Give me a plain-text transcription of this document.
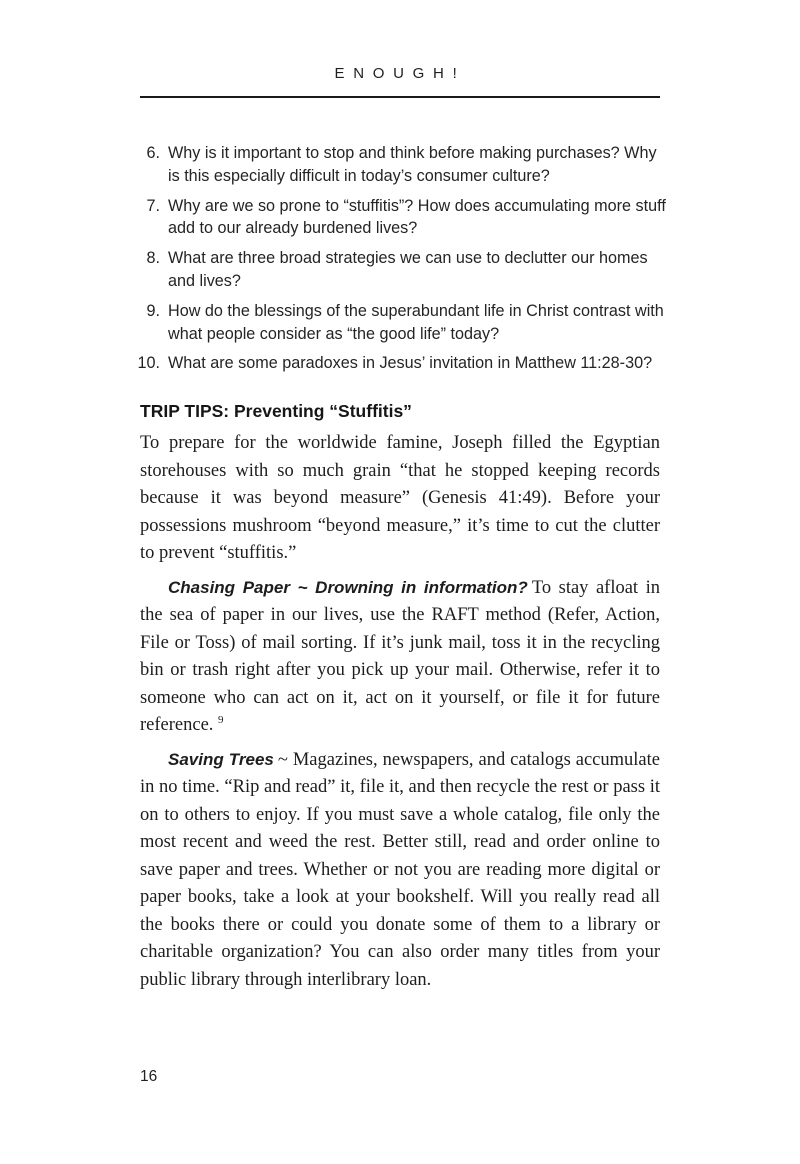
ENOUGH!
6. Why is it important to stop and think before making purchases? Why is this especially difficult in today’s consumer culture?
7. Why are we so prone to “stuffitis”? How does accumulating more stuff add to our already burdened lives?
8. What are three broad strategies we can use to declutter our homes and lives?
9. How do the blessings of the superabundant life in Christ contrast with what people consider as “the good life” today?
10. What are some paradoxes in Jesus’ invitation in Matthew 11:28-30?
TRIP TIPS: Preventing “Stuffitis”

To prepare for the worldwide famine, Joseph filled the Egyptian storehouses with so much grain “that he stopped keeping records because it was beyond measure” (Genesis 41:49). Before your possessions mushroom “beyond measure,” it’s time to cut the clutter to prevent “stuffitis.”

Chasing Paper ~ Drowning in information? To stay afloat in the sea of paper in our lives, use the RAFT method (Refer, Action, File or Toss) of mail sorting. If it’s junk mail, toss it in the recycling bin or trash right after you pick up your mail. Otherwise, refer it to someone who can act on it, act on it yourself, or file it for future reference. $^9$

Saving Trees ~ Magazines, newspapers, and catalogs accumulate in no time. “Rip and read” it, file it, and then recycle the rest or pass it on to others to enjoy. If you must save a whole catalog, file only the most recent and weed the rest. Better still, read and order online to save paper and trees. Whether or not you are reading more digital or paper books, take a look at your bookshelf. Will you really read all the books there or could you donate some of them to a library or charitable organization? You can also order many titles from your public library through interlibrary loan.

16
